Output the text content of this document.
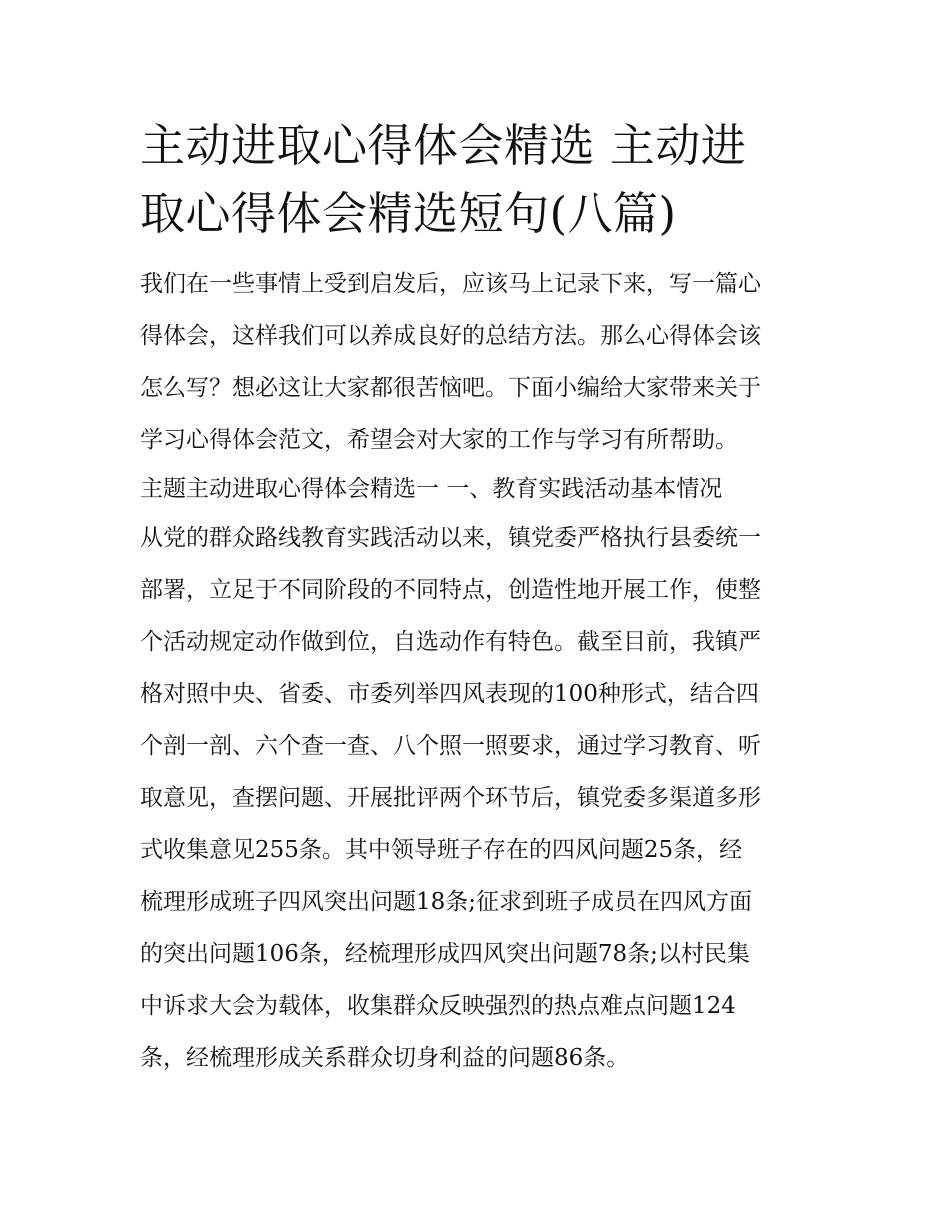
主动进取心得体会精选 主动进
取心得体会精选短句(八篇)
我们在一些事情上受到启发后，应该马上记录下来，写一篇心
得体会，这样我们可以养成良好的总结方法。那么心得体会该
怎么写？想必这让大家都很苦恼吧。下面小编给大家带来关于
学习心得体会范文，希望会对大家的工作与学习有所帮助。
主题主动进取心得体会精选一 一、教育实践活动基本情况
从党的群众路线教育实践活动以来，镇党委严格执行县委统一
部署，立足于不同阶段的不同特点，创造性地开展工作，使整
个活动规定动作做到位，自选动作有特色。截至目前，我镇严
格对照中央、省委、市委列举四风表现的100种形式，结合四
个剖一剖、六个查一查、八个照一照要求，通过学习教育、听
取意见，查摆问题、开展批评两个环节后，镇党委多渠道多形
式收集意见255条。其中领导班子存在的四风问题25条，经
梳理形成班子四风突出问题18条;征求到班子成员在四风方面
的突出问题106条，经梳理形成四风突出问题78条;以村民集
中诉求大会为载体，收集群众反映强烈的热点难点问题124
条，经梳理形成关系群众切身利益的问题86条。
